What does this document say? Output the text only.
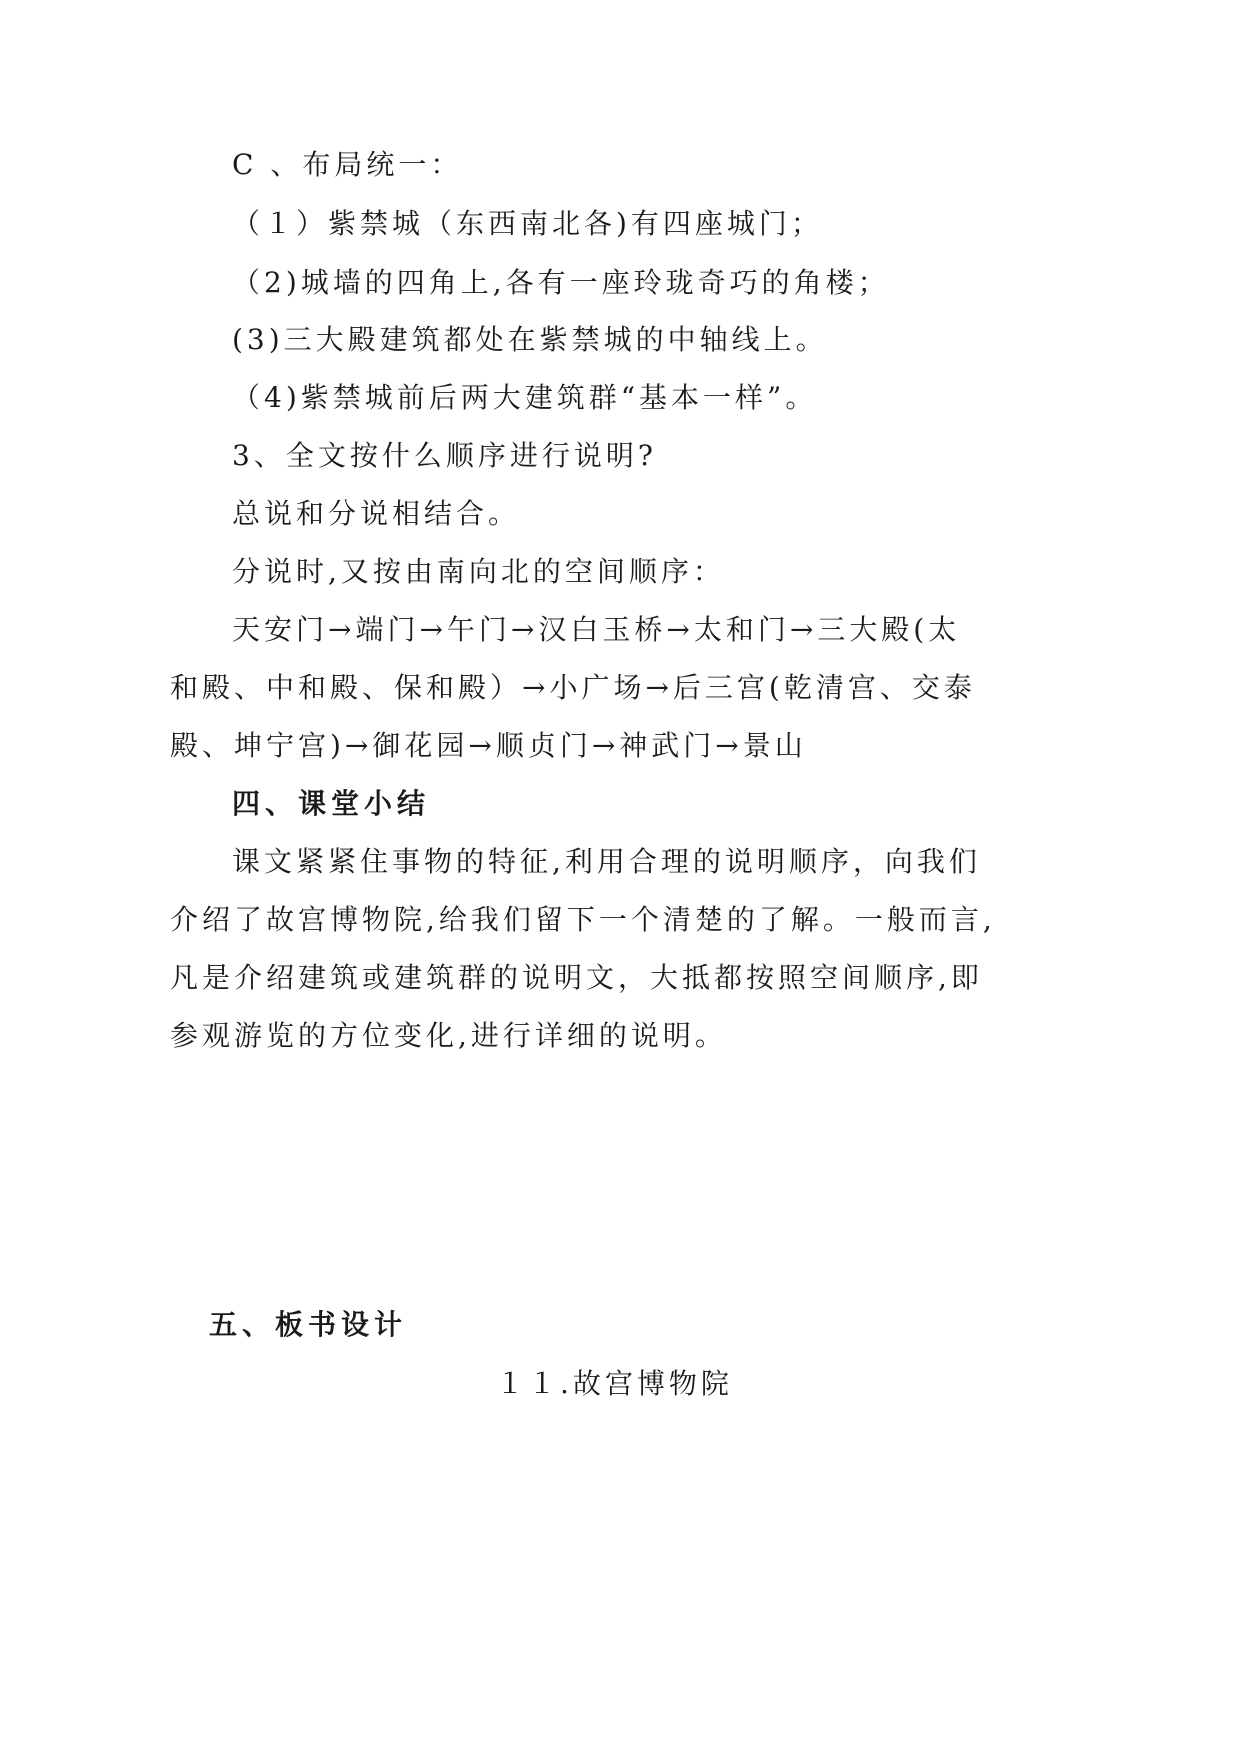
C 、布局统一：
（１）紫禁城（东西南北各)有四座城门；
（2)城墙的四角上,各有一座玲珑奇巧的角楼；
(3)三大殿建筑都处在紫禁城的中轴线上。
（4)紫禁城前后两大建筑群“基本一样”。
3、全文按什么顺序进行说明?
总说和分说相结合。
分说时,又按由南向北的空间顺序：
天安门→端门→午门→汉白玉桥→太和门→三大殿(太
和殿、中和殿、保和殿）→小广场→后三宫(乾清宫、交泰
殿、坤宁宫)→御花园→顺贞门→神武门→景山
四、课堂小结
课文紧紧住事物的特征,利用合理的说明顺序，向我们
介绍了故宫博物院,给我们留下一个清楚的了解。一般而言,
凡是介绍建筑或建筑群的说明文，大抵都按照空间顺序,即
参观游览的方位变化,进行详细的说明。
五、板书设计
１１.故宫博物院
